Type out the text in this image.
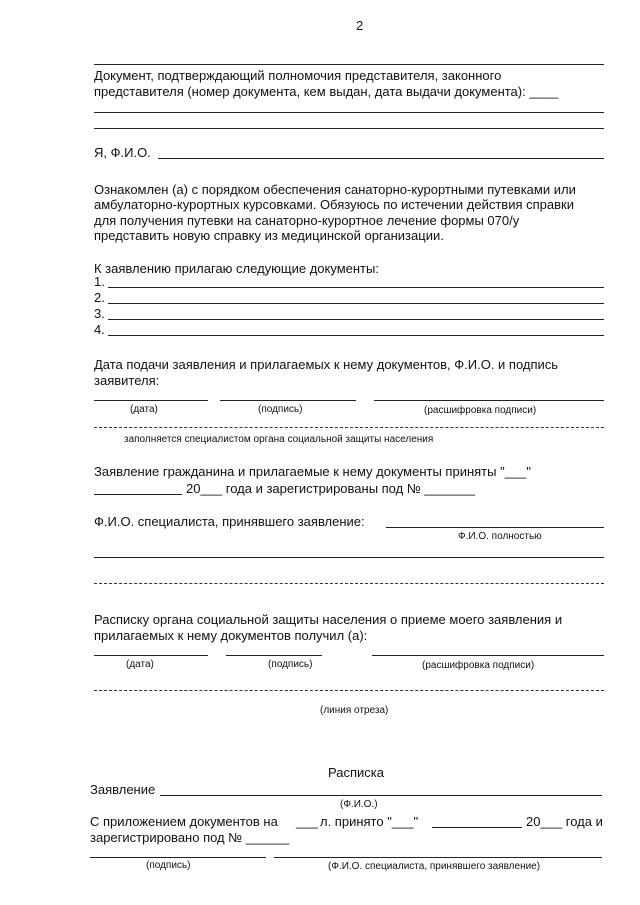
2
Документ, подтверждающий полномочия представителя, законного
представителя (номер документа, кем выдан, дата выдачи документа): ____
Я, Ф.И.О.
Ознакомлен (а) с порядком обеспечения санаторно-курортными путевками или
амбулаторно-курортных курсовками. Обязуюсь по истечении действия справки
для получения путевки на санаторно-курортное лечение формы 070/у
представить новую справку из медицинской организации.
К заявлению прилагаю следующие документы:
1.
2.
3.
4.
Дата подачи заявления и прилагаемых к нему документов, Ф.И.О. и подпись
заявителя:
(дата)	(подпись)	(расшифровка подписи)
заполняется специалистом органа социальной защиты населения
Заявление гражданина и прилагаемые к нему документы приняты "___"
20___ года и зарегистрированы под № _______
Ф.И.О. специалиста, принявшего заявление:
Ф.И.О. полностью
Расписку органа социальной защиты населения о приеме моего заявления и
прилагаемых к нему документов получил (а):
(дата)	(подпись)	(расшифровка подписи)
(линия отреза)
Расписка
Заявление
(Ф.И.О.)
С приложением документов на ___ л. принято "___"	20___ года и
зарегистрировано под № ______
(подпись)	(Ф.И.О. специалиста, принявшего заявление)
